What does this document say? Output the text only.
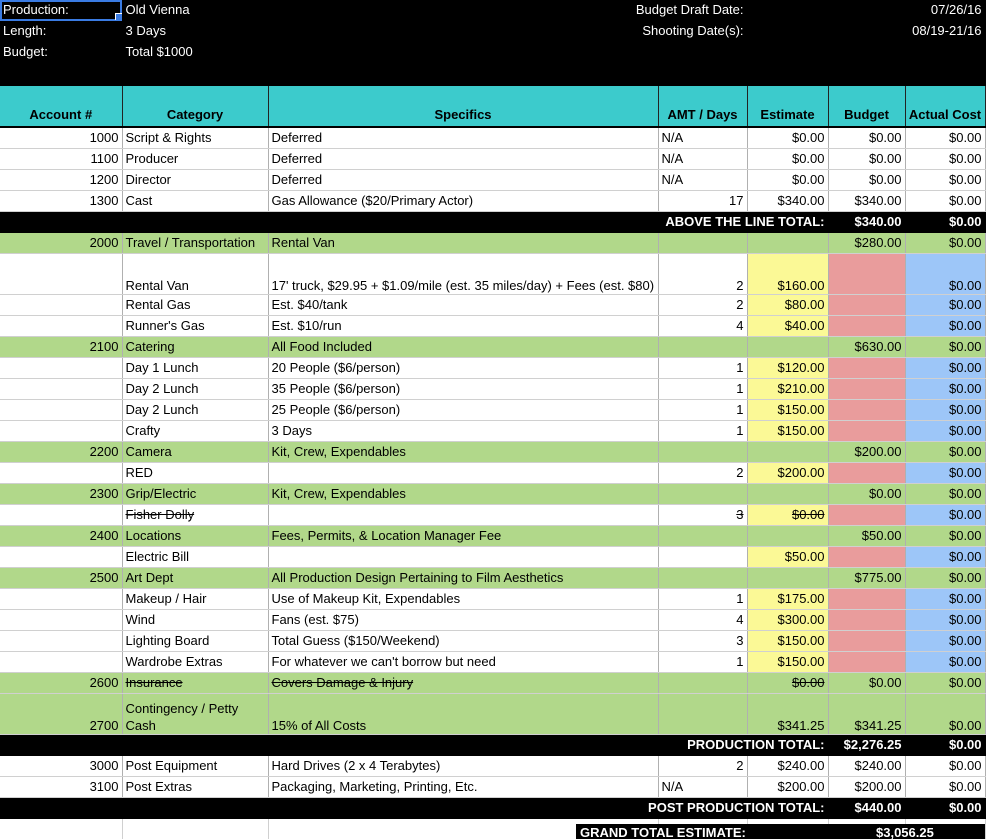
Production:	Old Vienna	Budget Draft Date:			07/26/16	
Length:	3 Days	Shooting Date(s):			08/19-21/16	
Budget:	Total $1000					

Account #	Category	Specifics	AMT / Days	Estimate	Budget	Actual Cost
1000	Script & Rights	Deferred	N/A	$0.00	$0.00	$0.00
1100	Producer	Deferred	N/A	$0.00	$0.00	$0.00
1200	Director	Deferred	N/A	$0.00	$0.00	$0.00
1300	Cast	Gas Allowance ($20/Primary Actor)	17	$340.00	$340.00	$0.00
ABOVE THE LINE TOTAL:					$340.00	$0.00
2000	Travel / Transportation	Rental Van			$280.00	$0.00
	Rental Van	17' truck, $29.95 + $1.09/mile (est. 35 miles/day) + Fees (est. $80)	2	$160.00		$0.00
	Rental Gas	Est. $40/tank	2	$80.00		$0.00
	Runner's Gas	Est. $10/run	4	$40.00		$0.00
2100	Catering	All Food Included			$630.00	$0.00
	Day 1 Lunch	20 People ($6/person)	1	$120.00		$0.00
	Day 2 Lunch	35 People ($6/person)	1	$210.00		$0.00
	Day 2 Lunch	25 People ($6/person)	1	$150.00		$0.00
	Crafty	3 Days	1	$150.00		$0.00
2200	Camera	Kit, Crew, Expendables			$200.00	$0.00
	RED		2	$200.00		$0.00
2300	Grip/Electric	Kit, Crew, Expendables			$0.00	$0.00
	Fisher Dolly		3	$0.00		$0.00
2400	Locations	Fees, Permits, & Location Manager Fee			$50.00	$0.00
	Electric Bill			$50.00		$0.00
2500	Art Dept	All Production Design Pertaining to Film Aesthetics			$775.00	$0.00
	Makeup / Hair	Use of Makeup Kit, Expendables	1	$175.00		$0.00
	Wind	Fans (est. $75)	4	$300.00		$0.00
	Lighting Board	Total Guess ($150/Weekend)	3	$150.00		$0.00
	Wardrobe Extras	For whatever we can't borrow but need	1	$150.00		$0.00
2600	Insurance	Covers Damage & Injury		$0.00	$0.00	$0.00
2700	Contingency / Petty Cash	15% of All Costs		$341.25	$341.25	$0.00
PRODUCTION TOTAL:					$2,276.25	$0.00
3000	Post Equipment	Hard Drives (2 x 4 Terabytes)	2	$240.00	$240.00	$0.00
3100	Post Extras	Packaging, Marketing, Printing, Etc.	N/A	$200.00	$200.00	$0.00
POST PRODUCTION TOTAL:					$440.00	$0.00

GRAND TOTAL ESTIMATE:	$3,056.25
